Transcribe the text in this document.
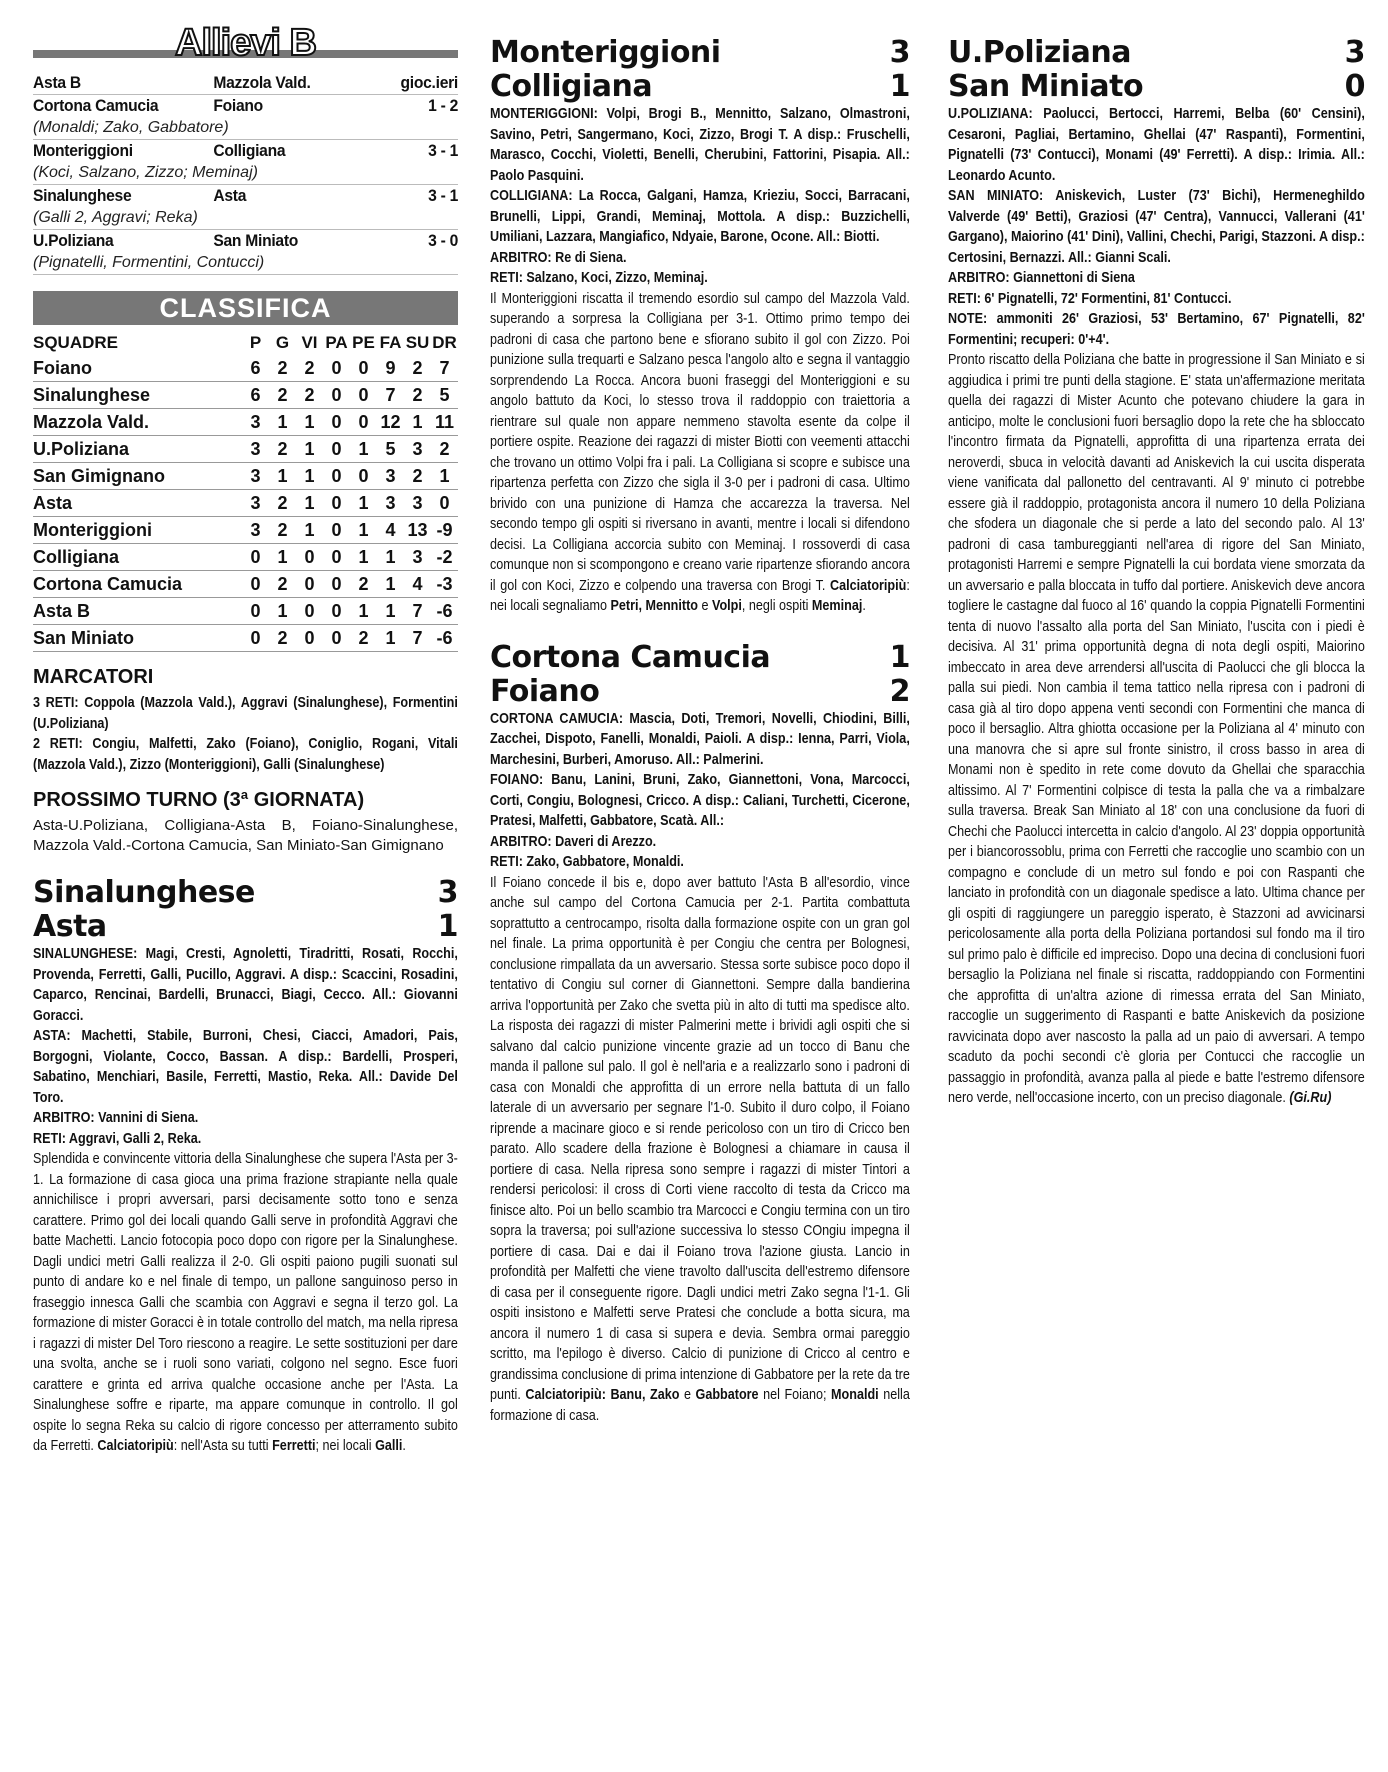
Allievi B
Asta B	Mazzola Vald.	gioc.ieri
Cortona Camucia	Foiano	1 - 2
(Monaldi; Zako, Gabbatore)
Monteriggioni	Colligiana	3 - 1
(Koci, Salzano, Zizzo; Meminaj)
Sinalunghese	Asta	3 - 1
(Galli 2, Aggravi; Reka)
U.Poliziana	San Miniato	3 - 0
(Pignatelli, Formentini, Contucci)
CLASSIFICA
SQUADRE	P	G	VI	PA	PE	FA	SU	DR
Foiano	6	2	2	0	0	9	2	7
Sinalunghese	6	2	2	0	0	7	2	5
Mazzola Vald.	3	1	1	0	0	12	1	11
U.Poliziana	3	2	1	0	1	5	3	2
San Gimignano	3	1	1	0	0	3	2	1
Asta	3	2	1	0	1	3	3	0
Monteriggioni	3	2	1	0	1	4	13	-9
Colligiana	0	1	0	0	1	1	3	-2
Cortona Camucia	0	2	0	0	2	1	4	-3
Asta B	0	1	0	0	1	1	7	-6
San Miniato	0	2	0	0	2	1	7	-6
MARCATORI
3 RETI: Coppola (Mazzola Vald.), Aggravi (Sinalunghese), Formentini (U.Poliziana)
2 RETI: Congiu, Malfetti, Zako (Foiano), Coniglio, Rogani, Vitali (Mazzola Vald.), Zizzo (Monteriggioni), Galli (Sinalunghese)
PROSSIMO TURNO (3ª GIORNATA)
Asta-U.Poliziana, Colligiana-Asta B, Foiano-Sinalunghese, Mazzola Vald.-Cortona Camucia, San Miniato-San Gimignano
Sinalunghese	3
Asta	1
SINALUNGHESE: Magi, Cresti, Agnoletti, Tiradritti, Rosati, Rocchi, Provenda, Ferretti, Galli, Pucillo, Aggravi. A disp.: Scaccini, Rosadini, Caparco, Rencinai, Bardelli, Brunacci, Biagi, Cecco. All.: Giovanni Goracci.
ASTA: Machetti, Stabile, Burroni, Chesi, Ciacci, Amadori, Pais, Borgogni, Violante, Cocco, Bassan. A disp.: Bardelli, Prosperi, Sabatino, Menchiari, Basile, Ferretti, Mastio, Reka. All.: Davide Del Toro.
ARBITRO: Vannini di Siena.
RETI: Aggravi, Galli 2, Reka.
Splendida e convincente vittoria della Sinalunghese che supera l'Asta per 3-1. La formazione di casa gioca una prima frazione strapiante nella quale annichilisce i propri avversari, parsi decisamente sotto tono e senza carattere. Primo gol dei locali quando Galli serve in profondità Aggravi che batte Machetti. Lancio fotocopia poco dopo con rigore per la Sinalunghese. Dagli undici metri Galli realizza il 2-0. Gli ospiti paiono pugili suonati sul punto di andare ko e nel finale di tempo, un pallone sanguinoso perso in fraseggio innesca Galli che scambia con Aggravi e segna il terzo gol. La formazione di mister Goracci è in totale controllo del match, ma nella ripresa i ragazzi di mister Del Toro riescono a reagire. Le sette sostituzioni per dare una svolta, anche se i ruoli sono variati, colgono nel segno. Esce fuori carattere e grinta ed arriva qualche occasione anche per l'Asta. La Sinalunghese soffre e riparte, ma appare comunque in controllo. Il gol ospite lo segna Reka su calcio di rigore concesso per atterramento subito da Ferretti. Calciatoripiù: nell'Asta su tutti Ferretti; nei locali Galli.
Monteriggioni	3
Colligiana	1
MONTERIGGIONI: Volpi, Brogi B., Mennitto, Salzano, Olmastroni, Savino, Petri, Sangermano, Koci, Zizzo, Brogi T. A disp.: Fruschelli, Marasco, Cocchi, Violetti, Benelli, Cherubini, Fattorini, Pisapia. All.: Paolo Pasquini.
COLLIGIANA: La Rocca, Galgani, Hamza, Krieziu, Socci, Barracani, Brunelli, Lippi, Grandi, Meminaj, Mottola. A disp.: Buzzichelli, Umiliani, Lazzara, Mangiafico, Ndyaie, Barone, Ocone. All.: Biotti.
ARBITRO: Re di Siena.
RETI: Salzano, Koci, Zizzo, Meminaj.
Il Monteriggioni riscatta il tremendo esordio sul campo del Mazzola Vald. superando a sorpresa la Colligiana per 3-1. Ottimo primo tempo dei padroni di casa che partono bene e sfiorano subito il gol con Zizzo. Poi punizione sulla trequarti e Salzano pesca l'angolo alto e segna il vantaggio sorprendendo La Rocca. Ancora buoni fraseggi del Monteriggioni e su angolo battuto da Koci, lo stesso trova il raddoppio con traiettoria a rientrare sul quale non appare nemmeno stavolta esente da colpe il portiere ospite. Reazione dei ragazzi di mister Biotti con veementi attacchi che trovano un ottimo Volpi fra i pali. La Colligiana si scopre e subisce una ripartenza perfetta con Zizzo che sigla il 3-0 per i padroni di casa. Ultimo brivido con una punizione di Hamza che accarezza la traversa. Nel secondo tempo gli ospiti si riversano in avanti, mentre i locali si difendono decisi. La Colligiana accorcia subito con Meminaj. I rossoverdi di casa comunque non si scompongono e creano varie ripartenze sfiorando ancora il gol con Koci, Zizzo e colpendo una traversa con Brogi T. Calciatoripiù: nei locali segnaliamo Petri, Mennitto e Volpi, negli ospiti Meminaj.
Cortona Camucia	1
Foiano	2
CORTONA CAMUCIA: Mascia, Doti, Tremori, Novelli, Chiodini, Billi, Zacchei, Dispoto, Fanelli, Monaldi, Paioli. A disp.: Ienna, Parri, Viola, Marchesini, Burberi, Amoruso. All.: Palmerini.
FOIANO: Banu, Lanini, Bruni, Zako, Giannettoni, Vona, Marcocci, Corti, Congiu, Bolognesi, Cricco. A disp.: Caliani, Turchetti, Cicerone, Pratesi, Malfetti, Gabbatore, Scatà. All.:
ARBITRO: Daveri di Arezzo.
RETI: Zako, Gabbatore, Monaldi.
Il Foiano concede il bis e, dopo aver battuto l'Asta B all'esordio, vince anche sul campo del Cortona Camucia per 2-1. Partita combattuta soprattutto a centrocampo, risolta dalla formazione ospite con un gran gol nel finale. La prima opportunità è per Congiu che centra per Bolognesi, conclusione rimpallata da un avversario. Stessa sorte subisce poco dopo il tentativo di Congiu sul corner di Giannettoni. Sempre dalla bandierina arriva l'opportunità per Zako che svetta più in alto di tutti ma spedisce alto. La risposta dei ragazzi di mister Palmerini mette i brividi agli ospiti che si salvano dal calcio punizione vincente grazie ad un tocco di Banu che manda il pallone sul palo. Il gol è nell'aria e a realizzarlo sono i padroni di casa con Monaldi che approfitta di un errore nella battuta di un fallo laterale di un avversario per segnare l'1-0. Subito il duro colpo, il Foiano riprende a macinare gioco e si rende pericoloso con un tiro di Cricco ben parato. Allo scadere della frazione è Bolognesi a chiamare in causa il portiere di casa. Nella ripresa sono sempre i ragazzi di mister Tintori a rendersi pericolosi: il cross di Corti viene raccolto di testa da Cricco ma finisce alto. Poi un bello scambio tra Marcocci e Congiu termina con un tiro sopra la traversa; poi sull'azione successiva lo stesso COngiu impegna il portiere di casa. Dai e dai il Foiano trova l'azione giusta. Lancio in profondità per Malfetti che viene travolto dall'uscita dell'estremo difensore di casa per il conseguente rigore. Dagli undici metri Zako segna l'1-1. Gli ospiti insistono e Malfetti serve Pratesi che conclude a botta sicura, ma ancora il numero 1 di casa si supera e devia. Sembra ormai pareggio scritto, ma l'epilogo è diverso. Calcio di punizione di Cricco al centro e grandissima conclusione di prima intenzione di Gabbatore per la rete da tre punti. Calciatoripiù: Banu, Zako e Gabbatore nel Foiano; Monaldi nella formazione di casa.
U.Poliziana	3
San Miniato	0
U.POLIZIANA: Paolucci, Bertocci, Harremi, Belba (60' Censini), Cesaroni, Pagliai, Bertamino, Ghellai (47' Raspanti), Formentini, Pignatelli (73' Contucci), Monami (49' Ferretti). A disp.: Irimia. All.: Leonardo Acunto.
SAN MINIATO: Aniskevich, Luster (73' Bichi), Hermeneghildo Valverde (49' Betti), Graziosi (47' Centra), Vannucci, Vallerani (41' Gargano), Maiorino (41' Dini), Vallini, Chechi, Parigi, Stazzoni. A disp.: Certosini, Bernazzi. All.: Gianni Scali.
ARBITRO: Giannettoni di Siena
RETI: 6' Pignatelli, 72' Formentini, 81' Contucci.
NOTE: ammoniti 26' Graziosi, 53' Bertamino, 67' Pignatelli, 82' Formentini; recuperi: 0'+4'.
Pronto riscatto della Poliziana che batte in progressione il San Miniato e si aggiudica i primi tre punti della stagione. E' stata un'affermazione meritata quella dei ragazzi di Mister Acunto che potevano chiudere la gara in anticipo, molte le conclusioni fuori bersaglio dopo la rete che ha sbloccato l'incontro firmata da Pignatelli, approfitta di una ripartenza errata dei neroverdi, sbuca in velocità davanti ad Aniskevich la cui uscita disperata viene vanificata dal pallonetto del centravanti. Al 9' minuto ci potrebbe essere già il raddoppio, protagonista ancora il numero 10 della Poliziana che sfodera un diagonale che si perde a lato del secondo palo. Al 13' padroni di casa tambureggianti nell'area di rigore del San Miniato, protagonisti Harremi e sempre Pignatelli la cui bordata viene smorzata da un avversario e palla bloccata in tuffo dal portiere. Aniskevich deve ancora togliere le castagne dal fuoco al 16' quando la coppia Pignatelli Formentini tenta di nuovo l'assalto alla porta del San Miniato, l'uscita con i piedi è decisiva. Al 31' prima opportunità degna di nota degli ospiti, Maiorino imbeccato in area deve arrendersi all'uscita di Paolucci che gli blocca la palla sui piedi. Non cambia il tema tattico nella ripresa con i padroni di casa già al tiro dopo appena venti secondi con Formentini che manca di poco il bersaglio. Altra ghiotta occasione per la Poliziana al 4' minuto con una manovra che si apre sul fronte sinistro, il cross basso in area di Monami non è spedito in rete come dovuto da Ghellai che sparacchia altissimo. Al 7' Formentini colpisce di testa la palla che va a rimbalzare sulla traversa. Break San Miniato al 18' con una conclusione da fuori di Chechi che Paolucci intercetta in calcio d'angolo. Al 23' doppia opportunità per i biancorossoblu, prima con Ferretti che raccoglie uno scambio con un compagno e conclude di un metro sul fondo e poi con Raspanti che lanciato in profondità con un diagonale spedisce a lato. Ultima chance per gli ospiti di raggiungere un pareggio isperato, è Stazzoni ad avvicinarsi pericolosamente alla porta della Poliziana portandosi sul fondo ma il tiro sul primo palo è difficile ed impreciso. Dopo una decina di conclusioni fuori bersaglio la Poliziana nel finale si riscatta, raddoppiando con Formentini che approfitta di un'altra azione di rimessa errata del San Miniato, raccoglie un suggerimento di Raspanti e batte Aniskevich da posizione ravvicinata dopo aver nascosto la palla ad un paio di avversari. A tempo scaduto da pochi secondi c'è gloria per Contucci che raccoglie un passaggio in profondità, avanza palla al piede e batte l'estremo difensore nero verde, nell'occasione incerto, con un preciso diagonale. (Gi.Ru)
